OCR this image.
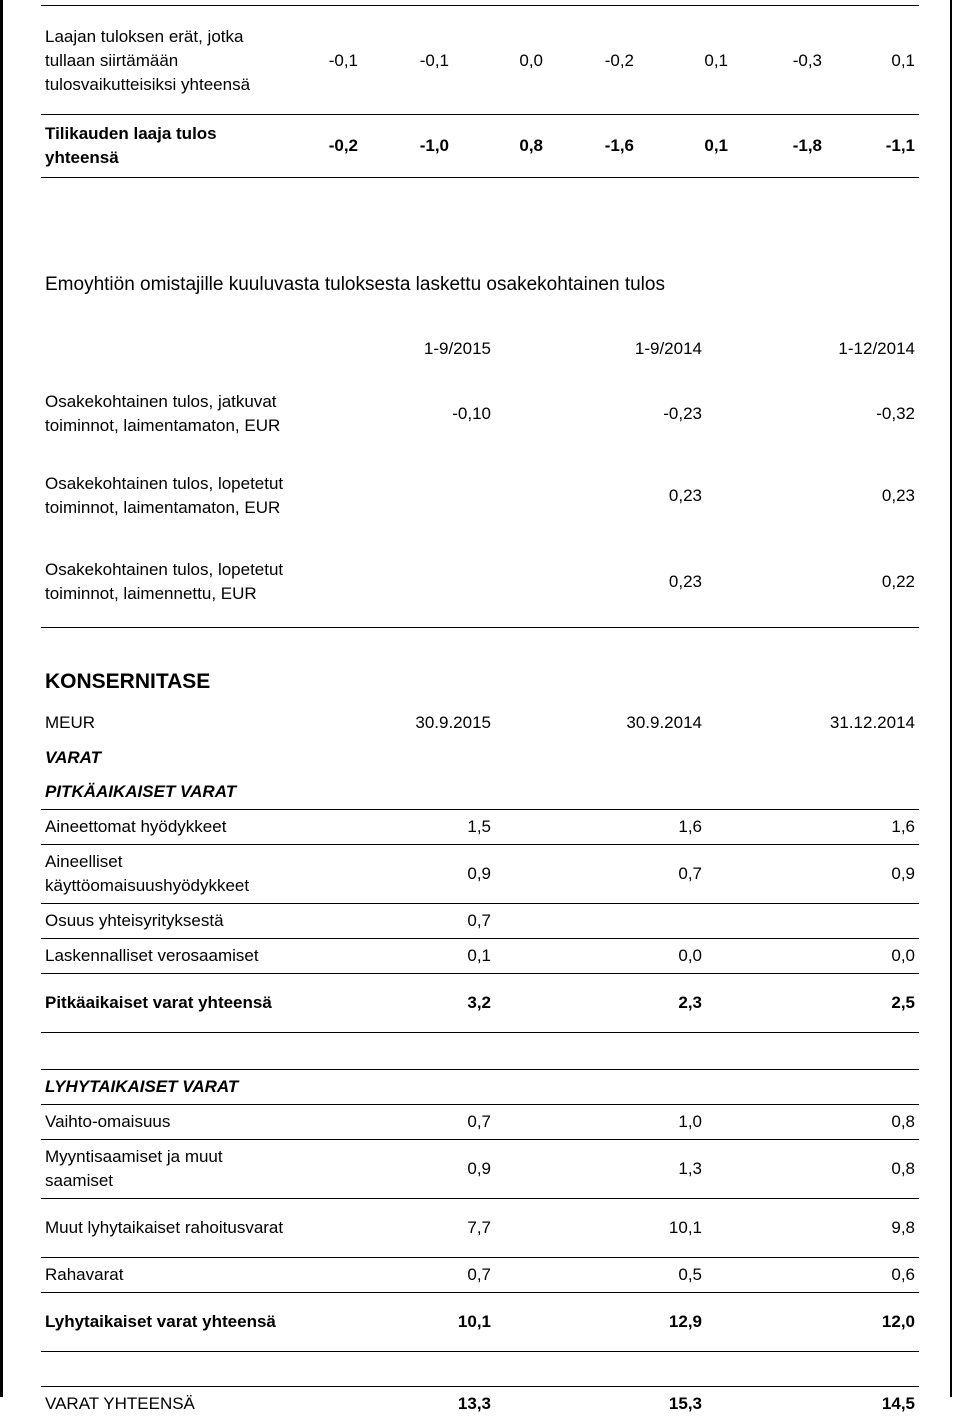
Laajan tuloksen erät, jotka tullaan siirtämään tulosvaikutteisiksi yhteensä	-0,1	-0,1	0,0	-0,2	0,1	-0,3	0,1
Tilikauden laaja tulos yhteensä	-0,2	-1,0	0,8	-1,6	0,1	-1,8	-1,1
Emoyhtiön omistajille kuuluvasta tuloksesta laskettu osakekohtainen tulos
	1-9/2015	1-9/2014	1-12/2014
Osakekohtainen tulos, jatkuvat toiminnot, laimentamaton, EUR	-0,10	-0,23	-0,32
Osakekohtainen tulos, lopetetut toiminnot, laimentamaton, EUR		0,23	0,23
Osakekohtainen tulos, lopetetut toiminnot, laimennettu, EUR		0,23	0,22
KONSERNITASE
MEUR	30.9.2015	30.9.2014	31.12.2014
VARAT			
PITKÄAIKAISET VARAT			
Aineettomat hyödykkeet	1,5	1,6	1,6
Aineelliset käyttöomaisuushyödykkeet	0,9	0,7	0,9
Osuus yhteisyrityksestä	0,7		
Laskennalliset verosaamiset	0,1	0,0	0,0
Pitkäaikaiset varat yhteensä	3,2	2,3	2,5

LYHYTAIKAISET VARAT			
Vaihto-omaisuus	0,7	1,0	0,8
Myyntisaamiset ja muut saamiset	0,9	1,3	0,8
Muut lyhytaikaiset rahoitusvarat	7,7	10,1	9,8
Rahavarat	0,7	0,5	0,6
Lyhytaikaiset varat yhteensä	10,1	12,9	12,0

VARAT YHTEENSÄ	13,3	15,3	14,5
